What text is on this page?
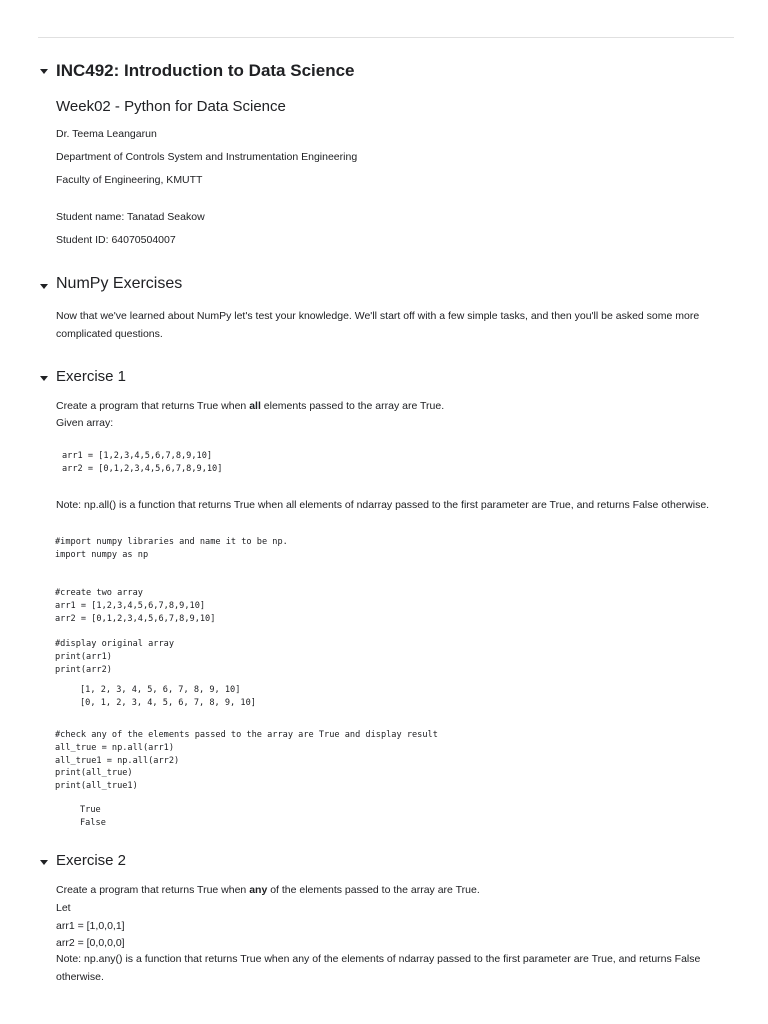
INC492: Introduction to Data Science
Week02 - Python for Data Science
Dr. Teema Leangarun
Department of Controls System and Instrumentation Engineering
Faculty of Engineering, KMUTT
Student name: Tanatad Seakow
Student ID: 64070504007
NumPy Exercises
Now that we've learned about NumPy let's test your knowledge. We'll start off with a few simple tasks, and then you'll be asked some more complicated questions.
Exercise 1
Create a program that returns True when all elements passed to the array are True.
Given array:
arr1 = [1,2,3,4,5,6,7,8,9,10]
arr2 = [0,1,2,3,4,5,6,7,8,9,10]
Note: np.all() is a function that returns True when all elements of ndarray passed to the first parameter are True, and returns False otherwise.
#import numpy libraries and name it to be np.
import numpy as np

#create two array
arr1 = [1,2,3,4,5,6,7,8,9,10]
arr2 = [0,1,2,3,4,5,6,7,8,9,10]

#display original array
print(arr1)
print(arr2)
[1, 2, 3, 4, 5, 6, 7, 8, 9, 10]
[0, 1, 2, 3, 4, 5, 6, 7, 8, 9, 10]
#check any of the elements passed to the array are True and display result
all_true = np.all(arr1)
all_true1 = np.all(arr2)
print(all_true)
print(all_true1)
True
False
Exercise 2
Create a program that returns True when any of the elements passed to the array are True.
Let
arr1 = [1,0,0,1]
arr2 = [0,0,0,0]
Note: np.any() is a function that returns True when any of the elements of ndarray passed to the first parameter are True, and returns False otherwise.
